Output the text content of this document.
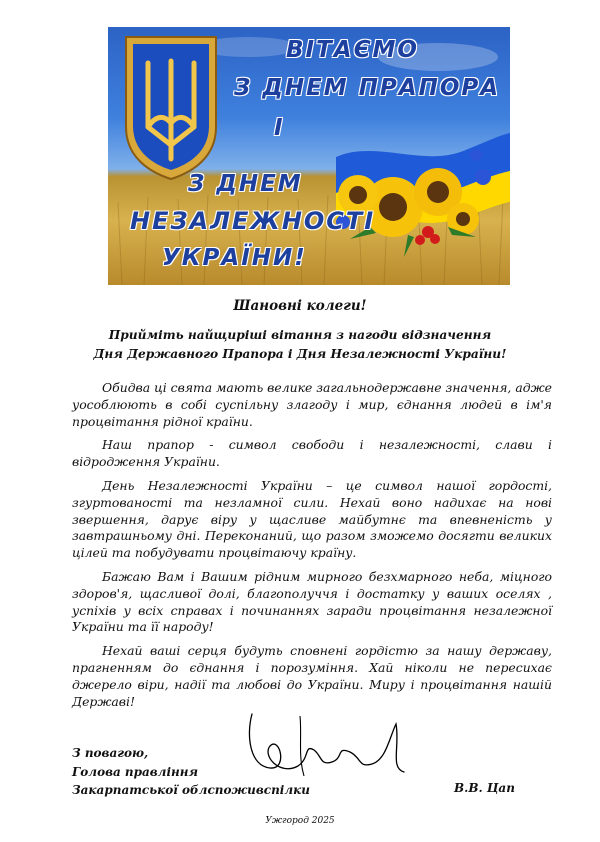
ВІТАЄМО

З ДНЕМ ПРАПОРА

І

З ДНЕМ

НЕЗАЛЕЖНОСТІ

УКРАЇНИ!

Шановні колеги!

Прийміть найщиріші вітання з нагоди відзначення

Дня Державного Прапора і Дня Незалежності України!

Обидва ці свята мають велике загальнодержавне значення, адже уособлюють в собі суспільну злагоду і мир, єднання людей в ім'я процвітання рідної країни.

Наш прапор - символ свободи і незалежності, слави і відродження України.

День Незалежності України – це символ нашої гордості, згуртованості та незламної сили. Нехай воно надихає на нові звершення, дарує віру у щасливе майбутнє та впевненість у завтрашньому дні. Переконаний, що разом зможемо досягти великих цілей та побудувати процвітаючу країну.

Бажаю Вам і Вашим рідним мирного безхмарного неба, міцного здоров'я, щасливої долі, благополуччя і достатку у ваших оселях , успіхів у всіх справах і починаннях заради процвітання незалежної України та її народу!

Нехай ваші серця будуть сповнені гордістю за нашу державу, прагненням до єднання і порозуміння. Хай ніколи не пересихає джерело віри, надії та любові до України. Миру і процвітання нашій Державі!

З повагою,

Голова правління

Закарпатської облспоживспілки	В.В. Цап

Ужгород 2025
